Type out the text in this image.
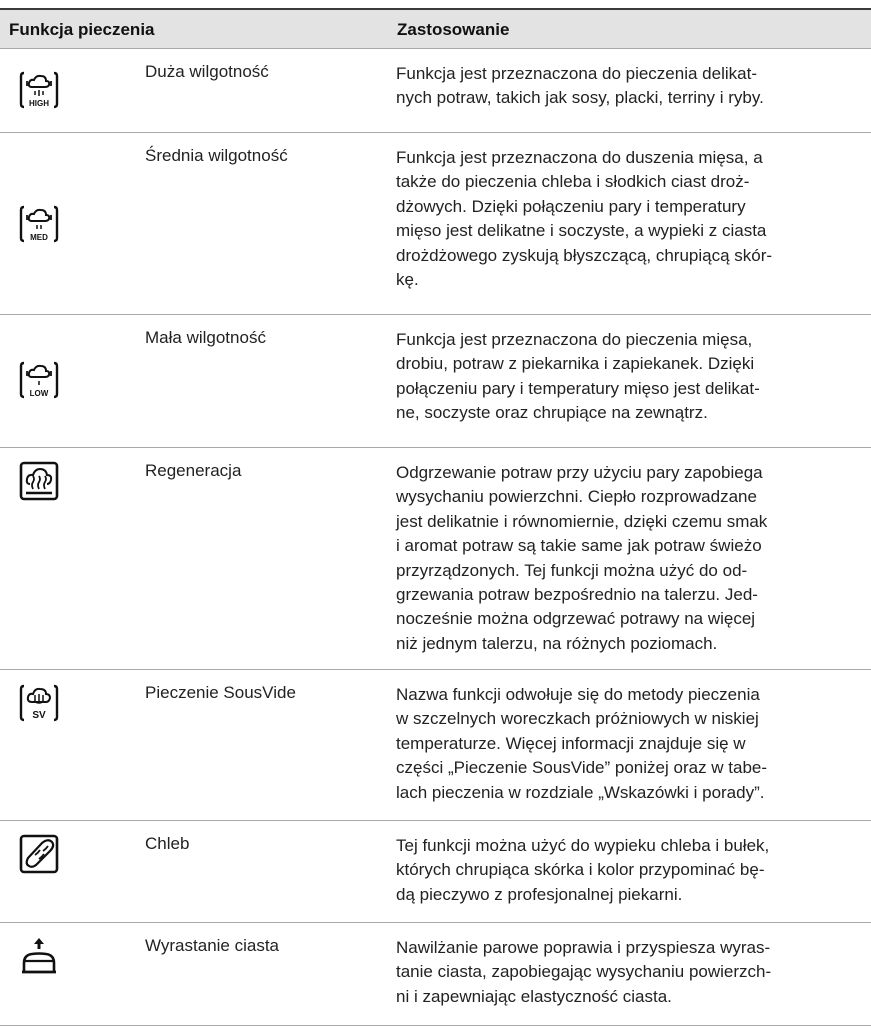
Funkcja pieczenia	Zastosowanie
HIGH
Duża wilgotność	Funkcja jest przeznaczona do pieczenia delikat-
nych potraw, takich jak sosy, placki, terriny i ryby.
MED
Średnia wilgotność	Funkcja jest przeznaczona do duszenia mięsa, a
także do pieczenia chleba i słodkich ciast droż-
dżowych. Dzięki połączeniu pary i temperatury
mięso jest delikatne i soczyste, a wypieki z ciasta
drożdżowego zyskują błyszczącą, chrupiącą skór-
kę.
LOW
Mała wilgotność	Funkcja jest przeznaczona do pieczenia mięsa,
drobiu, potraw z piekarnika i zapiekanek. Dzięki
połączeniu pary i temperatury mięso jest delikat-
ne, soczyste oraz chrupiące na zewnątrz.
Regeneracja	Odgrzewanie potraw przy użyciu pary zapobiega
wysychaniu powierzchni. Ciepło rozprowadzane
jest delikatnie i równomiernie, dzięki czemu smak
i aromat potraw są takie same jak potraw świeżo
przyrządzonych. Tej funkcji można użyć do od-
grzewania potraw bezpośrednio na talerzu. Jed-
nocześnie można odgrzewać potrawy na więcej
niż jednym talerzu, na różnych poziomach.
SV
Pieczenie SousVide	Nazwa funkcji odwołuje się do metody pieczenia
w szczelnych woreczkach próżniowych w niskiej
temperaturze. Więcej informacji znajduje się w
części „Pieczenie SousVide” poniżej oraz w tabe-
lach pieczenia w rozdziale „Wskazówki i porady”.
Chleb	Tej funkcji można użyć do wypieku chleba i bułek,
których chrupiąca skórka i kolor przypominać bę-
dą pieczywo z profesjonalnej piekarni.
Wyrastanie ciasta	Nawilżanie parowe poprawia i przyspiesza wyras-
tanie ciasta, zapobiegając wysychaniu powierzch-
ni i zapewniając elastyczność ciasta.
